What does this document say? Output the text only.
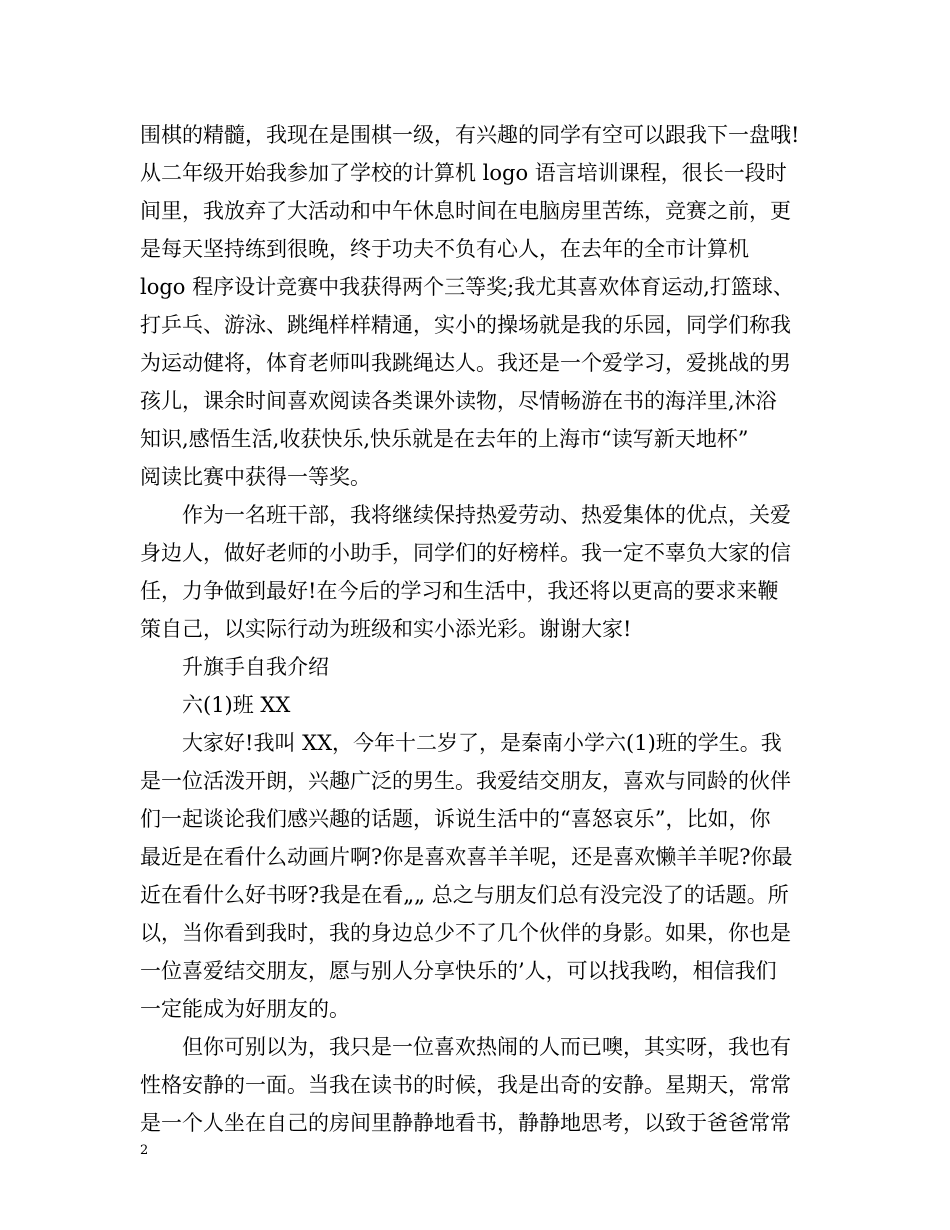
围棋的精髓，我现在是围棋一级，有兴趣的同学有空可以跟我下一盘哦!
从二年级开始我参加了学校的计算机 logo 语言培训课程，很长一段时
间里，我放弃了大活动和中午休息时间在电脑房里苦练，竞赛之前，更
是每天坚持练到很晚，终于功夫不负有心人，在去年的全市计算机
logo 程序设计竞赛中我获得两个三等奖;我尤其喜欢体育运动,打篮球、
打乒乓、游泳、跳绳样样精通，实小的操场就是我的乐园，同学们称我
为运动健将，体育老师叫我跳绳达人。我还是一个爱学习，爱挑战的男
孩儿，课余时间喜欢阅读各类课外读物，尽情畅游在书的海洋里,沐浴
知识,感悟生活,收获快乐,快乐就是在去年的上海市“读写新天地杯”
阅读比赛中获得一等奖。
　　作为一名班干部，我将继续保持热爱劳动、热爱集体的优点，关爱
身边人，做好老师的小助手，同学们的好榜样。我一定不辜负大家的信
任，力争做到最好!在今后的学习和生活中，我还将以更高的要求来鞭
策自己，以实际行动为班级和实小添光彩。谢谢大家!
　　升旗手自我介绍
　　六(1)班 XX
　　大家好!我叫 XX，今年十二岁了，是秦南小学六(1)班的学生。我
是一位活泼开朗，兴趣广泛的男生。我爱结交朋友，喜欢与同龄的伙伴
们一起谈论我们感兴趣的话题，诉说生活中的“喜怒哀乐”，比如，你
最近是在看什么动画片啊?你是喜欢喜羊羊呢，还是喜欢懒羊羊呢?你最
近在看什么好书呀?我是在看„„ 总之与朋友们总有没完没了的话题。所
以，当你看到我时，我的身边总少不了几个伙伴的身影。如果，你也是
一位喜爱结交朋友，愿与别人分享快乐的’人，可以找我哟，相信我们
一定能成为好朋友的。
　　但你可别以为，我只是一位喜欢热闹的人而已噢，其实呀，我也有
性格安静的一面。当我在读书的时候，我是出奇的安静。星期天，常常
是一个人坐在自己的房间里静静地看书，静静地思考，以致于爸爸常常
2
